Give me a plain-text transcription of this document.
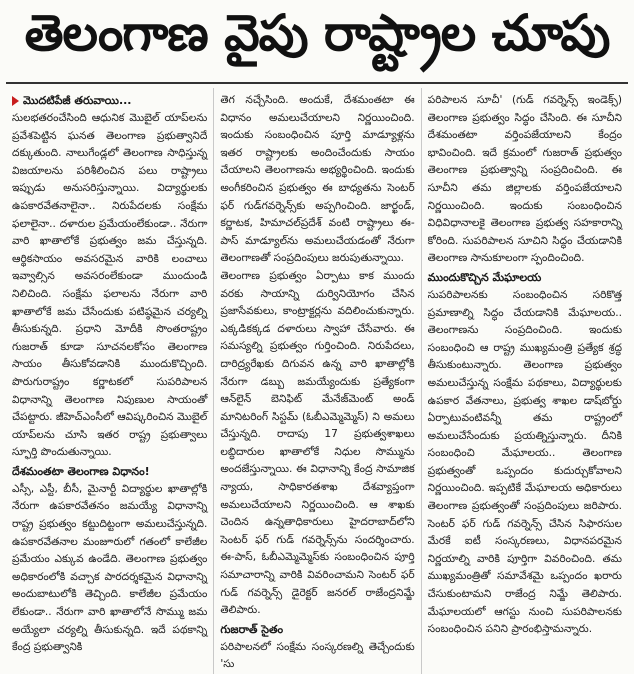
తెలంగాణ వైపు రాష్ట్రాల చూపు
మొదటిపేజీ తరువాయి...

సులభతరంచేసింది ఆధునిక మొబైల్ యాప్‌లను ప్రవేశపెట్టిన ఘనత తెలంగాణ ప్రభుత్వానిదే దక్కుతుంది. నాలుగేండ్లలో తెలంగాణ సాధిస్తున్న విజయాలను పరిశీలించిన పలు రాష్ట్రాలు ఇప్పుడు అనుసరిస్తున్నాయి. విద్యార్థులకు ఉపకారవేతనాలైనా.. నిరుపేదలకు సంక్షేమ ఫలాలైనా.. దళారుల ప్రమేయంలేకుండా.. నేరుగా వారి ఖాతాలోకే ప్రభుత్వం జమ చేస్తున్నది. ఆర్థికసాయం అవసరమైన వారికి లంచాలు ఇవ్వాల్సిన అవసరంలేకుండా ముందుండి నిలిచింది. సంక్షేమ ఫలాలను నేరుగా వారి ఖాతాలోకే జమ చేసేందుకు పటిష్ఠమైన చర్యల్ని తీసుకున్నది. ప్రధాని మోదీకి సొంతరాష్ట్రం గుజరాత్ కూడా సూచనలకోసం తెలంగాణ సాయం తీసుకోవడానికి ముందుకొచ్చింది. పొరుగురాష్ట్రం కర్ణాటకలో సుపరిపాలన విధానాన్ని తెలంగాణ నిపుణుల సాయంతో చేపట్టారు. జీహెచ్‌ఎంసీలో ఆవిష్కరించిన మొబైల్ యాప్‌లను చూసి ఇతర రాష్ట్ర ప్రభుత్వాలు స్ఫూర్తి పొందుతున్నాయి.

దేశమంతటా తెలంగాణ విధానం!

ఎస్సీ, ఎస్టీ, బీసీ, మైనార్టీ విద్యార్థుల ఖాతాల్లోకి నేరుగా ఉపకారవేతనం జమయ్యే విధానాన్ని రాష్ట్ర ప్రభుత్వం కట్టుదిట్టంగా అమలుచేస్తున్నది. ఉపకారవేతనాల మంజూరులో గతంలో కాలేజీల ప్రమేయం ఎక్కువ ఉండేది. తెలంగాణ ప్రభుత్వం అధికారంలోకి వచ్చాక పారదర్శకమైన విధానాన్ని అందుబాటులోకి తెచ్చింది. కాలేజీల ప్రమేయం లేకుండా.. నేరుగా వారి ఖాతాలోనే సొమ్ము జమ అయ్యేలా చర్యల్ని తీసుకున్నది. ఇదే పథకాన్ని కేంద్ర ప్రభుత్వానికి

తెగ నచ్చేసింది. అందుకే, దేశమంతటా ఈ విధానం అమలుచేయాలని నిర్ణయించింది. ఇందుకు సంబంధించిన పూర్తి మాడ్యూళ్లను ఇతర రాష్ట్రాలకు అందించేందుకు సాయం చేయాలని తెలంగాణను అభ్యర్థించింది. ఇందుకు అంగీకరించిన ప్రభుత్వం ఈ బాధ్యతను సెంటర్ ఫర్ గుడ్‌గవర్నెన్స్‌కు అప్పగించింది. జార్ఖండ్, కర్ణాటక, హిమాచల్‌ప్రదేశ్ వంటి రాష్ట్రాలు ఈ-పాస్ మాడ్యూల్‌ను అమలుచేయడంతో నేరుగా తెలంగాణతో సంప్రదింపులు జరుపుతున్నాయి.

తెలంగాణ ప్రభుత్వం ఏర్పాటు కాక ముందు వరకు సాయాన్ని దుర్వినియోగం చేసిన ప్రజాసేవకులు, కాంట్రాక్టర్లను వదిలించుకున్నారు. ఎక్కడికక్కడ దళారులు స్వాహా చేసేవారు. ఈ సమస్యల్ని ప్రభుత్వం గుర్తించింది. నిరుపేదలు, దారిద్ర్యరేఖకు దిగువన ఉన్న వారి ఖాతాల్లోకి నేరుగా డబ్బు జమయ్యేందుకు ప్రత్యేకంగా ఆన్‌లైన్ బెనిఫిట్ మేనేజ్‌మెంట్ అండ్ మానిటరింగ్ సిస్టమ్ (ఓబీఎమ్మెమ్మెస్) ని అమలు చేస్తున్నది. రాదాపు 17 ప్రభుత్వశాఖలు లబ్ధిదారుల ఖాతాలోకే నిధుల సొమ్మును అందజేస్తున్నాయి. ఈ విధానాన్ని కేంద్ర సామాజిక న్యాయ, సాధికారతశాఖ దేశవ్యాప్తంగా అమలుచేయాలని నిర్ణయించింది. ఆ శాఖకు చెందిన ఉన్నతాధికారులు హైదరాబాద్‌లోని సెంటర్ ఫర్ గుడ్ గవర్నెన్స్‌ను సందర్శించారు. ఈ-పాస్, ఓబీఎమ్మెమ్మెస్‌కు సంబంధించిన పూర్తి సమాచారాన్ని వారికి వివరించామని సెంటర్ ఫర్ గుడ్ గవర్నెన్స్ డైరెక్టర్ జనరల్ రాజేంద్రనిమ్జే తెలిపారు.

గుజరాత్ సైతం

పరిపాలనలో సంక్షేమ సంస్కరణల్ని తెచ్చేందుకు 'సు

పరిపాలన సూచీ' (గుడ్ గవర్నెన్స్ ఇండెక్స్) తెలంగాణ ప్రభుత్వం సిద్ధం చేసింది. ఈ సూచీని దేశమంతటా వర్తింపజేయాలని కేంద్రం భావించింది. ఇదే క్రమంలో గుజరాత్ ప్రభుత్వం తెలంగాణ ప్రభుత్వాన్ని సంప్రదించింది. ఈ సూచీని తమ జిల్లాలకు వర్తింపజేయాలని నిర్ణయించింది. ఇందుకు సంబంధించిన విధివిధానాలకై తెలంగాణ ప్రభుత్వ సహకారాన్ని కోరింది. సుపరిపాలన సూచిని సిద్ధం చేయడానికి తెలంగాణ సానుకూలంగా స్పందించింది.

ముందుకొచ్చిన మేఘాలయ

సుపరిపాలనకు సంబంధించిన సరికొత్త ప్రమాణాల్ని సిద్ధం చేయడానికి మేఘాలయ.. తెలంగాణను సంప్రదించింది. ఇందుకు సంబంధించి ఆ రాష్ట్ర ముఖ్యమంత్రి ప్రత్యేక శ్రద్ధ తీసుకుంటున్నారు. తెలంగాణ ప్రభుత్వం అమలుచేస్తున్న సంక్షేమ పథకాలు, విద్యార్థులకు ఉపకార వేతనాలు, ప్రభుత్వ శాఖల డాష్‌బోర్డు ఏర్పాటువంటివన్నీ తమ రాష్ట్రంలో అమలుచేసేందుకు ప్రయత్నిస్తున్నారు. దీనికి సంబంధించి మేఘాలయ.. తెలంగాణ ప్రభుత్వంతో ఒప్పందం కుదుర్చుకోవాలని నిర్ణయించింది. ఇప్పటికే మేఘాలయ అధికారులు తెలంగాణ ప్రభుత్వంతో సంప్రదింపులు జరిపారు. సెంటర్ ఫర్ గుడ్ గవర్నెన్స్ చేసిన సిఫారసుల మేరకే ఐటీ సంస్కరణలు, విధానపరమైన నిర్ణయాల్ని వారికి పూర్తిగా వివరించింది. తమ ముఖ్యమంత్రితో సమావేశమై ఒప్పందం ఖరారు చేసుకుంటామని రాజేంద్ర నిమ్జే తెలిపారు. మేఘాలయలో ఆగస్టు నుంచి సుపరిపాలనకు సంబంధించిన పనిని ప్రారంభిస్తామన్నారు.
